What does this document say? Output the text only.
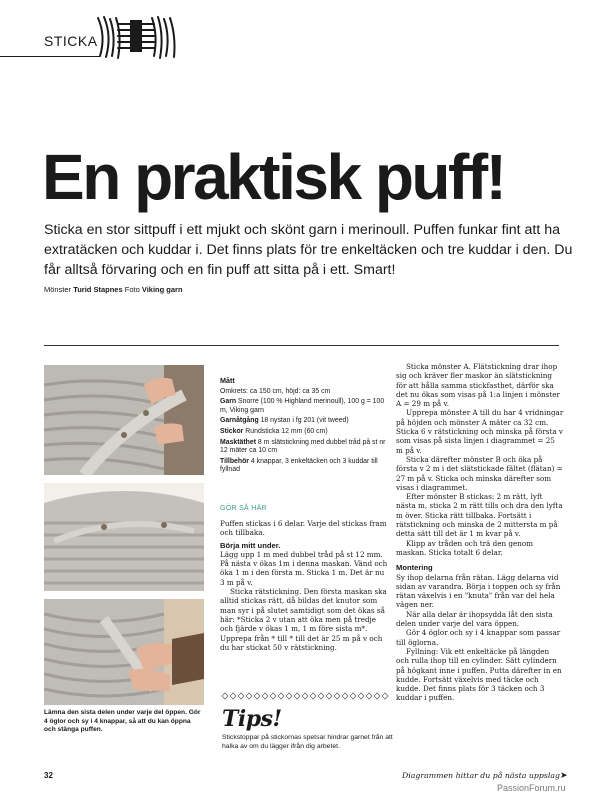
STICKA
En praktisk puff!
Sticka en stor sittpuff i ett mjukt och skönt garn i merinoull. Puffen funkar fint att ha extratäcken och kuddar i. Det finns plats för tre enkeltäcken och tre kuddar i den. Du får alltså förvaring och en fin puff att sitta på i ett. Smart!
Mönster Turid Stapnes Foto Viking garn
Lämna den sista delen under varje del öppen. Gör 4 öglor och sy i 4 knappar, så att du kan öppna och stänga puffen.

Mått

Omkrets: ca 150 cm, höjd: ca 35 cm

Garn Snorre (100 % Highland merinoull), 100 g = 100 m, Viking garn

Garnåtgång 18 nystan i fg 201 (vit tweed)

Stickor Rundsticka 12 mm (60 cm)

Masktäthet 8 m slätstickning med dubbel tråd på st nr 12 mäter ca 10 cm

Tillbehör 4 knappar, 3 enkeltäcken och 3 kuddar till fyllnad

GÖR SÅ HÄR

Puffen stickas i 6 delar. Varje del stickas fram och tillbaka.

Börja mitt under.

Lägg upp 1 m med dubbel tråd på st 12 mm. På nästa v ökas 1m i denna maskan. Vänd och öka 1 m i den första m. Sticka 1 m. Det är nu 3 m på v.

Sticka rätstickning. Den första maskan ska alltid stickas rätt, då bildas det knutor som man syr i på slutet samtidigt som det ökas så här: *Sticka 2 v utan att öka men på tredje och fjärde v ökas 1 m, 1 m före sista m*. Upprepa från * till * till det är 25 m på v och du har stickat 50 v rätstickning.

Tips!
Stickstoppar på stickornas spetsar hindrar garnet från att halka av om du lägger ifrån dig arbetet.

Sticka mönster A. Flätstickning drar ihop sig och kräver fler maskor än slätstickning för att hålla samma stickfasthet, därför ska det nu ökas som visas på 1:a linjen i mönster A = 29 m på v.

Upprepa mönster A till du har 4 vridningar på höjden och mönster A mäter ca 32 cm. Sticka 6 v rätstickning och minska på första v som visas på sista linjen i diagrammet = 25 m på v.

Sticka därefter mönster B och öka på första v 2 m i det slätstickade fältet (flätan) = 27 m på v. Sticka och minska därefter som visas i diagrammet.

Efter mönster B stickas: 2 m rätt, lyft nästa m, sticka 2 m rätt tills och dra den lyfta m över. Sticka rätt tillbaka. Fortsätt i rätstickning och minska de 2 mittersta m på detta sätt till det är 1 m kvar på v.

Klipp av tråden och trä den genom maskan. Sticka totalt 6 delar.

Montering

Sy ihop delarna från rätan. Lägg delarna vid sidan av varandra. Börja i toppen och sy från rätan växelvis i en "knuta" från var del hela vägen ner.

När alla delar är ihopsydda låt den sista delen under varje del vara öppen.

Gör 4 öglor och sy i 4 knappar som passar till öglorna.

Fyllning: Vik ett enkeltäcke på längden och rulla ihop till en cylinder. Sätt cylindern på högkant inne i puffen. Putta därefter in en kudde. Fortsätt växelvis med täcke och kudde. Det finns plats för 3 täcken och 3 kuddar i puffen.

Diagrammen hittar du på nästa uppslag ➤
32
PassionForum.ru
